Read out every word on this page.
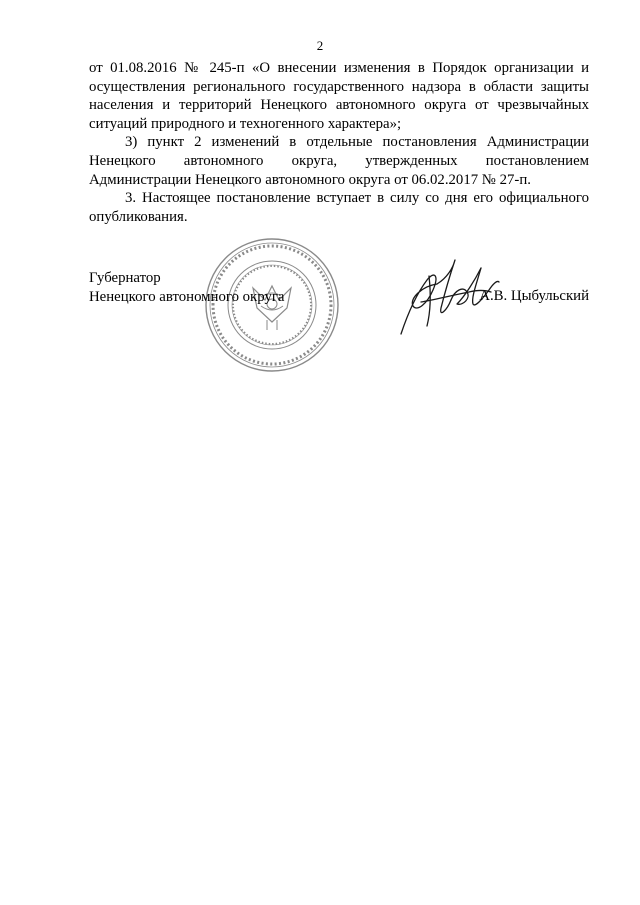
2

от 01.08.2016 № 245-п «О внесении изменения в Порядок организации и осуществления регионального государственного надзора в области защиты населения и территорий Ненецкого автономного округа от чрезвычайных ситуаций природного и техногенного характера»;

3) пункт 2 изменений в отдельные постановления Администрации Ненецкого автономного округа, утвержденных постановлением Администрации Ненецкого автономного округа от 06.02.2017 № 27-п.

3. Настоящее постановление вступает в силу со дня его официального опубликования.

Губернатор
Ненецкого автономного округа	А.В. Цыбульский
